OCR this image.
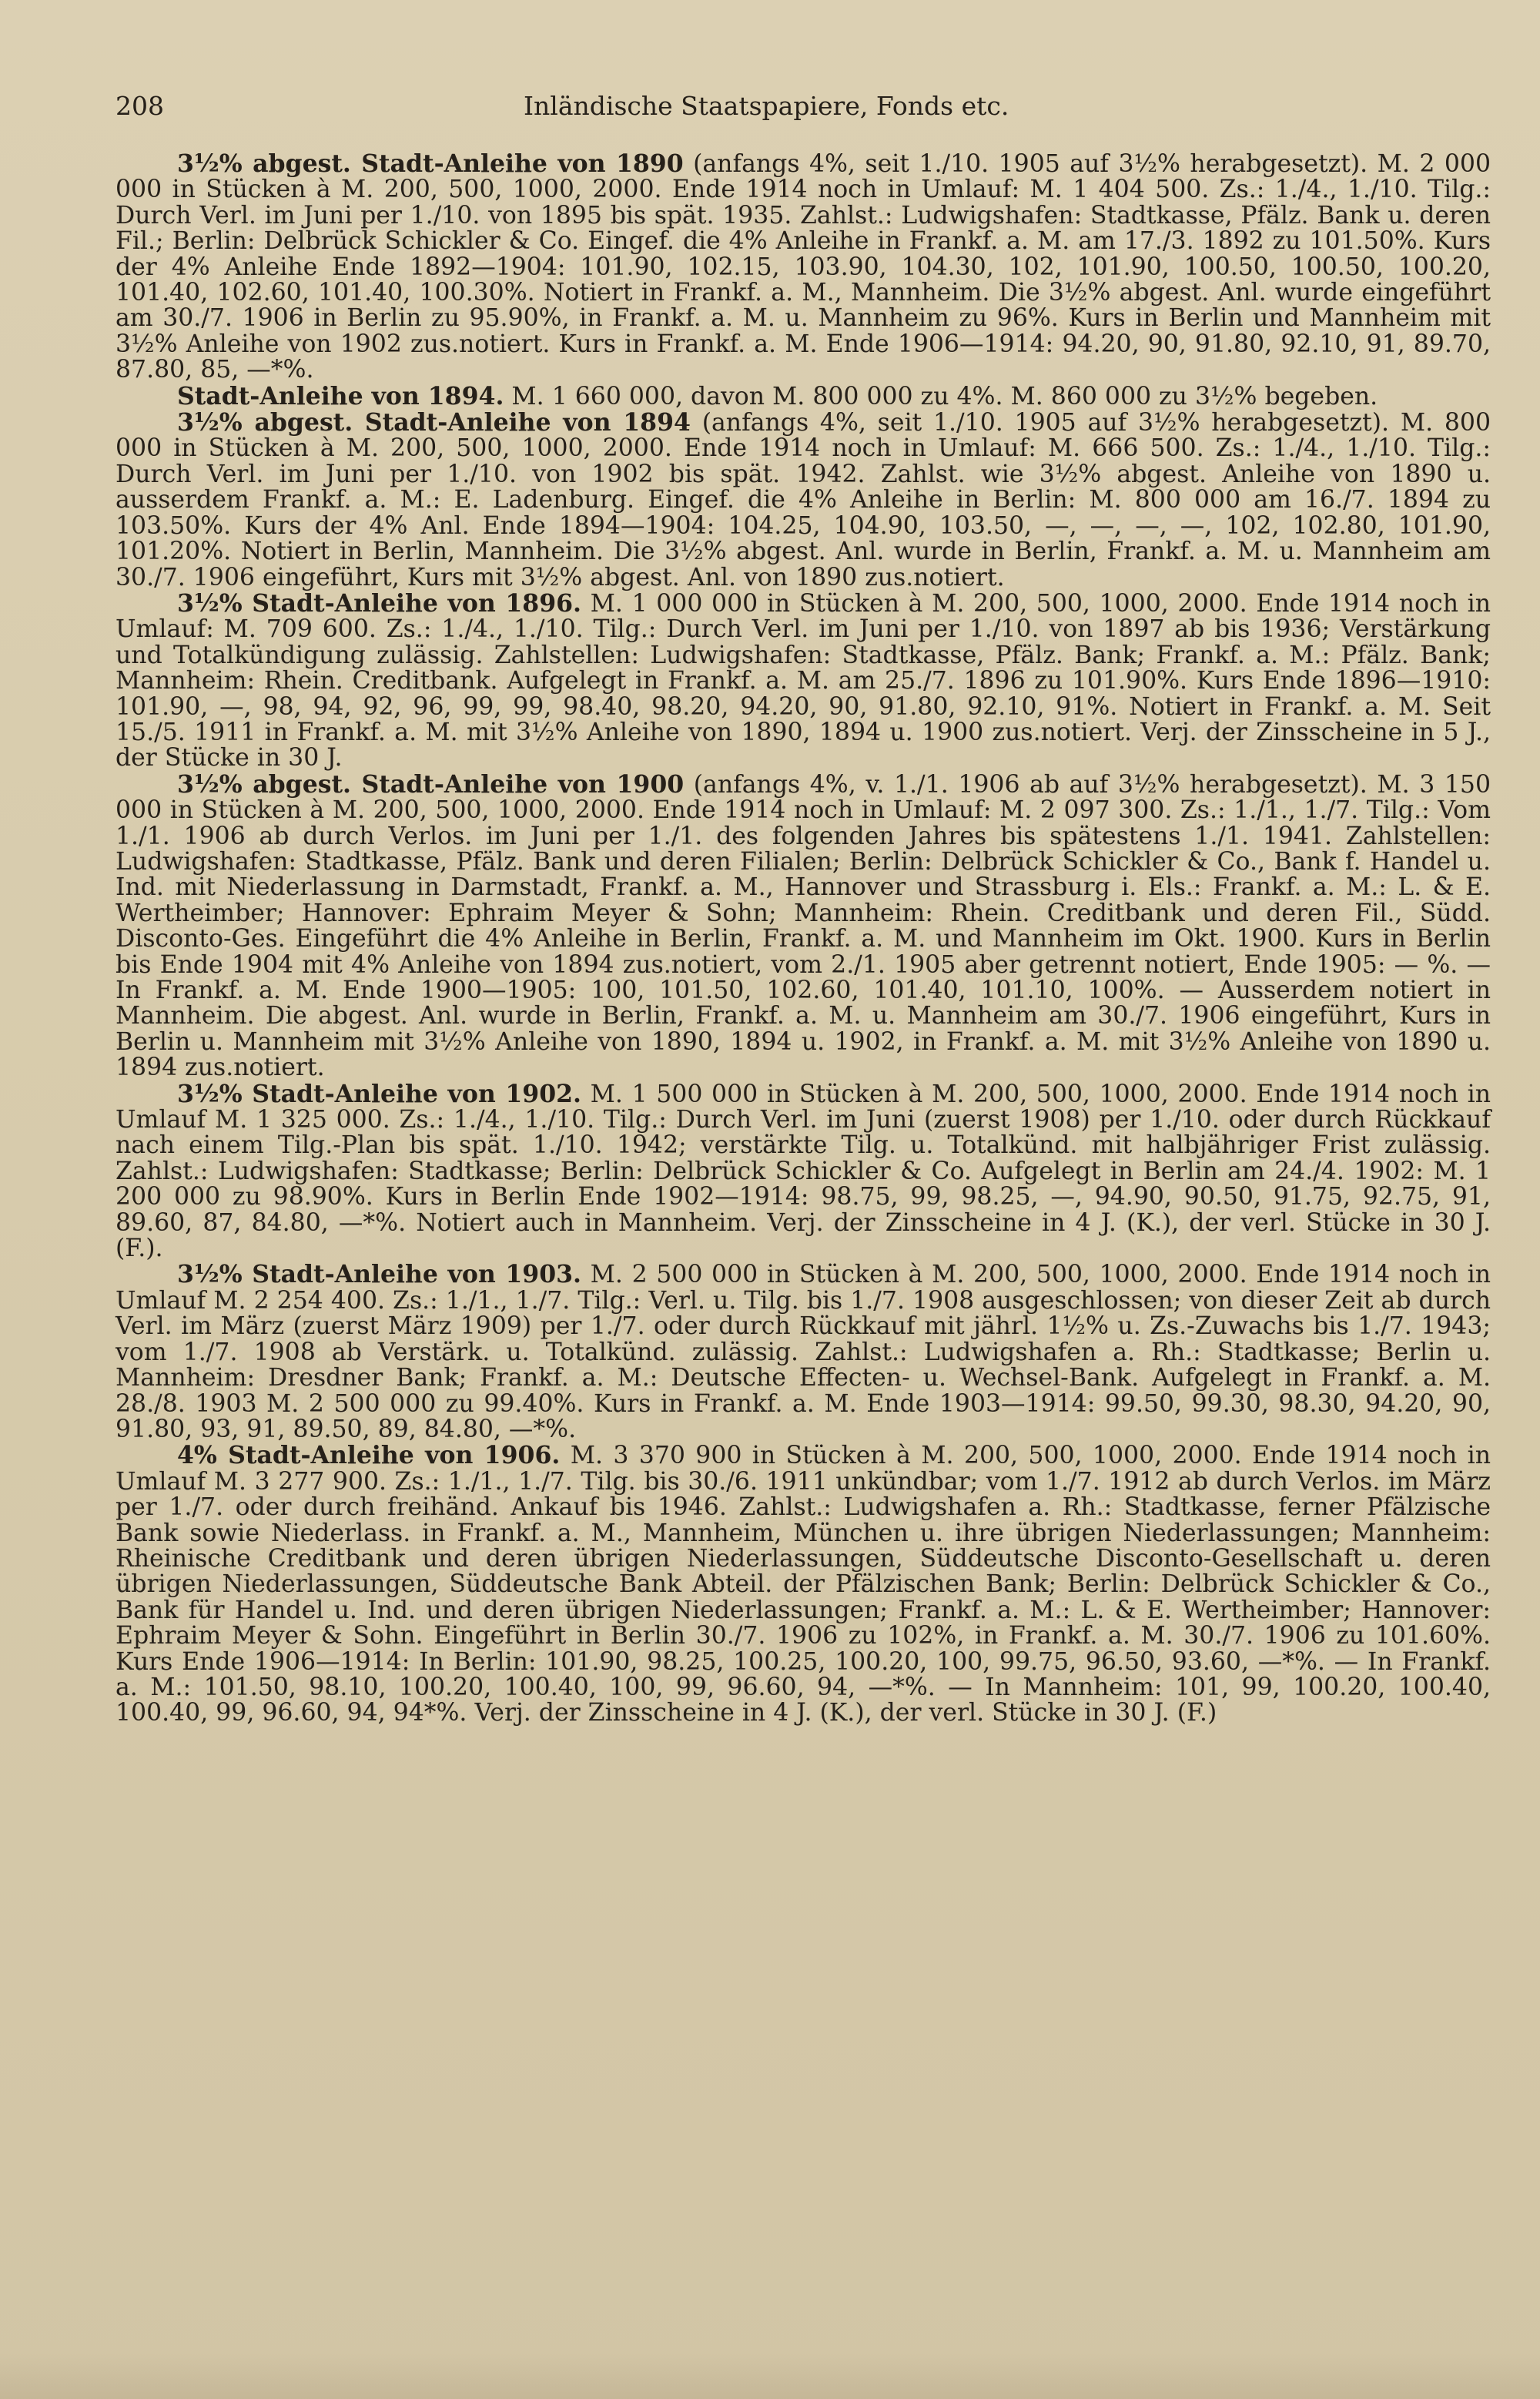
208	Inländische Staatspapiere, Fonds etc.

3½% abgest. Stadt-Anleihe von 1890 (anfangs 4%, seit 1./10. 1905 auf 3½% herabgesetzt). M. 2 000 000 in Stücken à M. 200, 500, 1000, 2000. Ende 1914 noch in Umlauf: M. 1 404 500. Zs.: 1./4., 1./10. Tilg.: Durch Verl. im Juni per 1./10. von 1895 bis spät. 1935. Zahlst.: Ludwigshafen: Stadtkasse, Pfälz. Bank u. deren Fil.; Berlin: Delbrück Schickler & Co. Eingef. die 4% Anleihe in Frankf. a. M. am 17./3. 1892 zu 101.50%. Kurs der 4% Anleihe Ende 1892—1904: 101.90, 102.15, 103.90, 104.30, 102, 101.90, 100.50, 100.50, 100.20, 101.40, 102.60, 101.40, 100.30%. Notiert in Frankf. a. M., Mannheim. Die 3½% abgest. Anl. wurde eingeführt am 30./7. 1906 in Berlin zu 95.90%, in Frankf. a. M. u. Mannheim zu 96%. Kurs in Berlin und Mannheim mit 3½% Anleihe von 1902 zus.notiert. Kurs in Frankf. a. M. Ende 1906—1914: 94.20, 90, 91.80, 92.10, 91, 89.70, 87.80, 85, —*%.

Stadt-Anleihe von 1894. M. 1 660 000, davon M. 800 000 zu 4%. M. 860 000 zu 3½% begeben.

3½% abgest. Stadt-Anleihe von 1894 (anfangs 4%, seit 1./10. 1905 auf 3½% herabgesetzt). M. 800 000 in Stücken à M. 200, 500, 1000, 2000. Ende 1914 noch in Umlauf: M. 666 500. Zs.: 1./4., 1./10. Tilg.: Durch Verl. im Juni per 1./10. von 1902 bis spät. 1942. Zahlst. wie 3½% abgest. Anleihe von 1890 u. ausserdem Frankf. a. M.: E. Ladenburg. Eingef. die 4% Anleihe in Berlin: M. 800 000 am 16./7. 1894 zu 103.50%. Kurs der 4% Anl. Ende 1894—1904: 104.25, 104.90, 103.50, —, —, —, —, 102, 102.80, 101.90, 101.20%. Notiert in Berlin, Mannheim. Die 3½% abgest. Anl. wurde in Berlin, Frankf. a. M. u. Mannheim am 30./7. 1906 eingeführt, Kurs mit 3½% abgest. Anl. von 1890 zus.notiert.

3½% Stadt-Anleihe von 1896. M. 1 000 000 in Stücken à M. 200, 500, 1000, 2000. Ende 1914 noch in Umlauf: M. 709 600. Zs.: 1./4., 1./10. Tilg.: Durch Verl. im Juni per 1./10. von 1897 ab bis 1936; Verstärkung und Totalkündigung zulässig. Zahlstellen: Ludwigshafen: Stadtkasse, Pfälz. Bank; Frankf. a. M.: Pfälz. Bank; Mannheim: Rhein. Creditbank. Aufgelegt in Frankf. a. M. am 25./7. 1896 zu 101.90%. Kurs Ende 1896—1910: 101.90, —, 98, 94, 92, 96, 99, 99, 98.40, 98.20, 94.20, 90, 91.80, 92.10, 91%. Notiert in Frankf. a. M. Seit 15./5. 1911 in Frankf. a. M. mit 3½% Anleihe von 1890, 1894 u. 1900 zus.notiert. Verj. der Zinsscheine in 5 J., der Stücke in 30 J.

3½% abgest. Stadt-Anleihe von 1900 (anfangs 4%, v. 1./1. 1906 ab auf 3½% herabgesetzt). M. 3 150 000 in Stücken à M. 200, 500, 1000, 2000. Ende 1914 noch in Umlauf: M. 2 097 300. Zs.: 1./1., 1./7. Tilg.: Vom 1./1. 1906 ab durch Verlos. im Juni per 1./1. des folgenden Jahres bis spätestens 1./1. 1941. Zahlstellen: Ludwigshafen: Stadtkasse, Pfälz. Bank und deren Filialen; Berlin: Delbrück Schickler & Co., Bank f. Handel u. Ind. mit Niederlassung in Darmstadt, Frankf. a. M., Hannover und Strassburg i. Els.: Frankf. a. M.: L. & E. Wertheimber; Hannover: Ephraim Meyer & Sohn; Mannheim: Rhein. Creditbank und deren Fil., Südd. Disconto-Ges. Eingeführt die 4% Anleihe in Berlin, Frankf. a. M. und Mannheim im Okt. 1900. Kurs in Berlin bis Ende 1904 mit 4% Anleihe von 1894 zus.notiert, vom 2./1. 1905 aber getrennt notiert, Ende 1905: — %. — In Frankf. a. M. Ende 1900—1905: 100, 101.50, 102.60, 101.40, 101.10, 100%. — Ausserdem notiert in Mannheim. Die abgest. Anl. wurde in Berlin, Frankf. a. M. u. Mannheim am 30./7. 1906 eingeführt, Kurs in Berlin u. Mannheim mit 3½% Anleihe von 1890, 1894 u. 1902, in Frankf. a. M. mit 3½% Anleihe von 1890 u. 1894 zus.notiert.

3½% Stadt-Anleihe von 1902. M. 1 500 000 in Stücken à M. 200, 500, 1000, 2000. Ende 1914 noch in Umlauf M. 1 325 000. Zs.: 1./4., 1./10. Tilg.: Durch Verl. im Juni (zuerst 1908) per 1./10. oder durch Rückkauf nach einem Tilg.-Plan bis spät. 1./10. 1942; verstärkte Tilg. u. Totalkünd. mit halbjähriger Frist zulässig. Zahlst.: Ludwigshafen: Stadtkasse; Berlin: Delbrück Schickler & Co. Aufgelegt in Berlin am 24./4. 1902: M. 1 200 000 zu 98.90%. Kurs in Berlin Ende 1902—1914: 98.75, 99, 98.25, —, 94.90, 90.50, 91.75, 92.75, 91, 89.60, 87, 84.80, —*%. Notiert auch in Mannheim. Verj. der Zinsscheine in 4 J. (K.), der verl. Stücke in 30 J. (F.).

3½% Stadt-Anleihe von 1903. M. 2 500 000 in Stücken à M. 200, 500, 1000, 2000. Ende 1914 noch in Umlauf M. 2 254 400. Zs.: 1./1., 1./7. Tilg.: Verl. u. Tilg. bis 1./7. 1908 ausgeschlossen; von dieser Zeit ab durch Verl. im März (zuerst März 1909) per 1./7. oder durch Rückkauf mit jährl. 1½% u. Zs.-Zuwachs bis 1./7. 1943; vom 1./7. 1908 ab Verstärk. u. Totalkünd. zulässig. Zahlst.: Ludwigshafen a. Rh.: Stadtkasse; Berlin u. Mannheim: Dresdner Bank; Frankf. a. M.: Deutsche Effecten- u. Wechsel-Bank. Aufgelegt in Frankf. a. M. 28./8. 1903 M. 2 500 000 zu 99.40%. Kurs in Frankf. a. M. Ende 1903—1914: 99.50, 99.30, 98.30, 94.20, 90, 91.80, 93, 91, 89.50, 89, 84.80, —*%.

4% Stadt-Anleihe von 1906. M. 3 370 900 in Stücken à M. 200, 500, 1000, 2000. Ende 1914 noch in Umlauf M. 3 277 900. Zs.: 1./1., 1./7. Tilg. bis 30./6. 1911 unkündbar; vom 1./7. 1912 ab durch Verlos. im März per 1./7. oder durch freihänd. Ankauf bis 1946. Zahlst.: Ludwigshafen a. Rh.: Stadtkasse, ferner Pfälzische Bank sowie Niederlass. in Frankf. a. M., Mannheim, München u. ihre übrigen Niederlassungen; Mannheim: Rheinische Creditbank und deren übrigen Niederlassungen, Süddeutsche Disconto-Gesellschaft u. deren übrigen Niederlassungen, Süddeutsche Bank Abteil. der Pfälzischen Bank; Berlin: Delbrück Schickler & Co., Bank für Handel u. Ind. und deren übrigen Niederlassungen; Frankf. a. M.: L. & E. Wertheimber; Hannover: Ephraim Meyer & Sohn. Eingeführt in Berlin 30./7. 1906 zu 102%, in Frankf. a. M. 30./7. 1906 zu 101.60%. Kurs Ende 1906—1914: In Berlin: 101.90, 98.25, 100.25, 100.20, 100, 99.75, 96.50, 93.60, —*%. — In Frankf. a. M.: 101.50, 98.10, 100.20, 100.40, 100, 99, 96.60, 94, —*%. — In Mannheim: 101, 99, 100.20, 100.40, 100.40, 99, 96.60, 94, 94*%. Verj. der Zinsscheine in 4 J. (K.), der verl. Stücke in 30 J. (F.)
